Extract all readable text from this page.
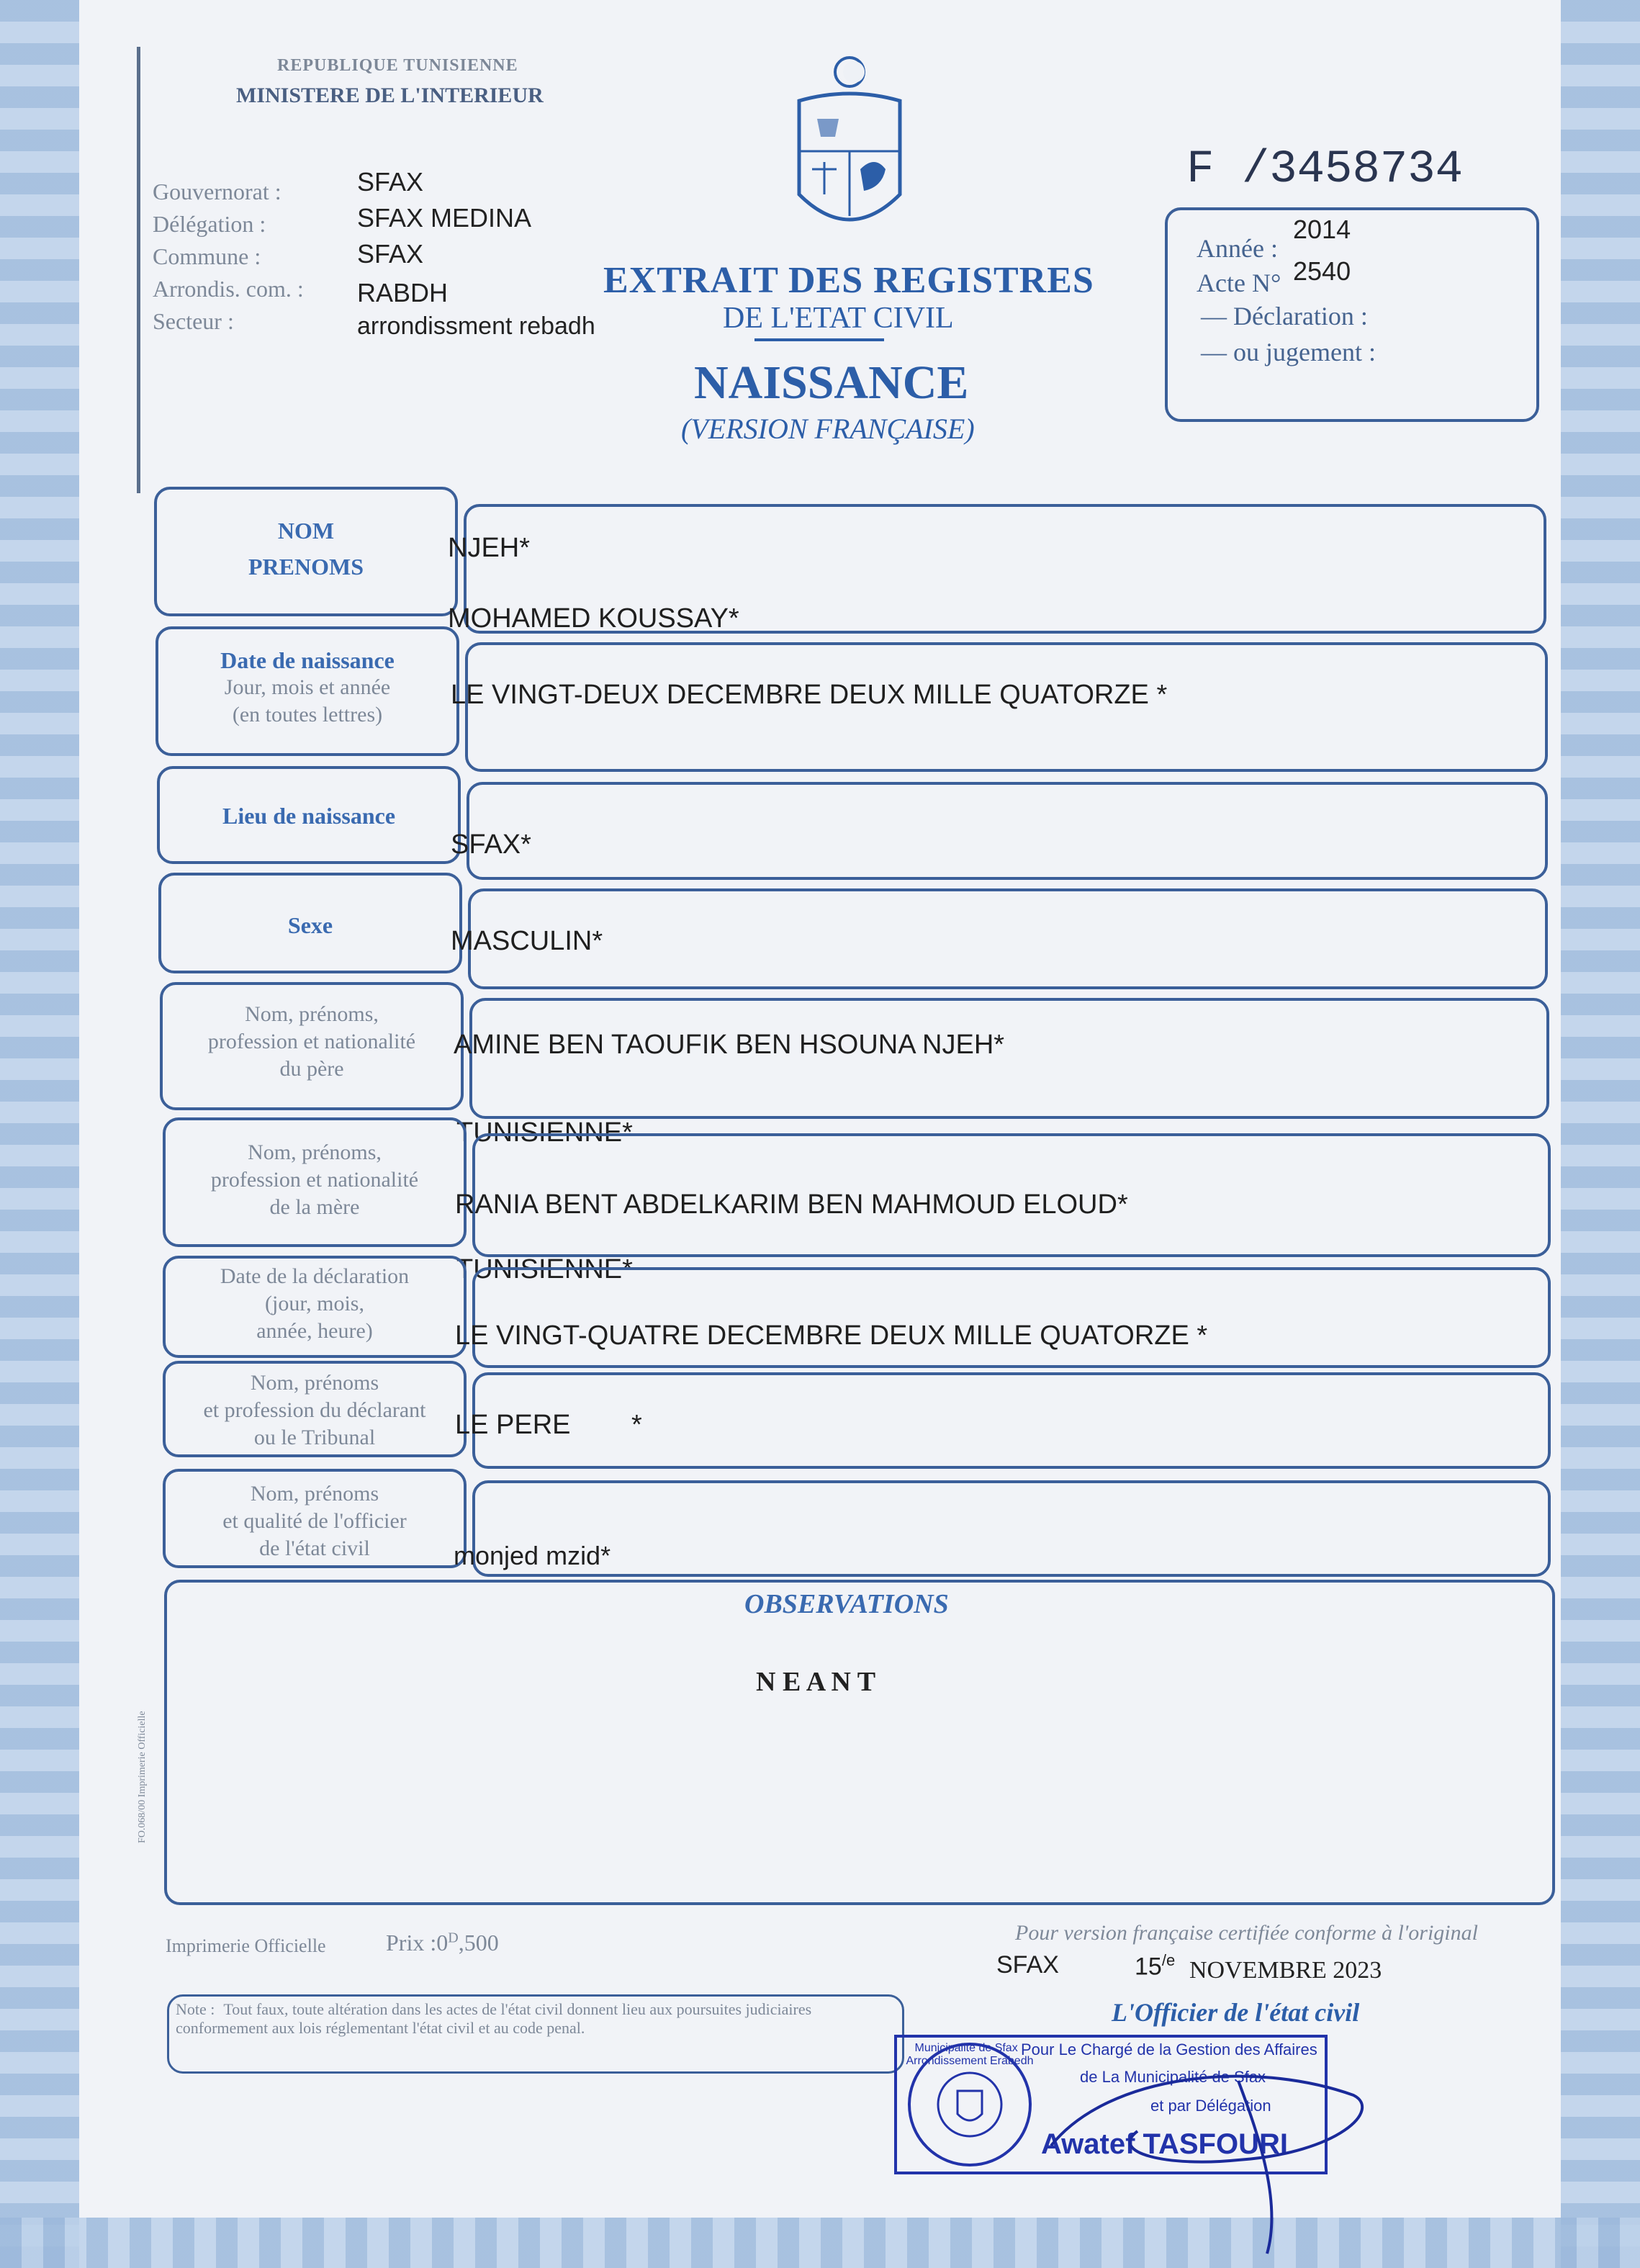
REPUBLIQUE TUNISIENNE
MINISTERE DE L'INTERIEUR
Gouvernorat :	SFAX
Délégation :	SFAX MEDINA
Commune :	SFAX
Arrondis. com. : RABDH
Secteur :	arrondissment rebadh
EXTRAIT DES REGISTRES
DE L'ETAT CIVIL
NAISSANCE
(VERSION FRANÇAISE)
F /3458734
Année :
2014
Acte N° 2540
— Déclaration :
— ou jugement :
NOM
PRENOMS
NJEH*
MOHAMED KOUSSAY*
Date de naissance
Jour, mois et année
(en toutes lettres)
LE VINGT-DEUX DECEMBRE DEUX MILLE QUATORZE *
Lieu de naissance
SFAX*
Sexe
MASCULIN*
Nom, prénoms,
profession et nationalité
du père
AMINE BEN TAOUFIK BEN HSOUNA NJEH*
TUNISIENNE*
Nom, prénoms,
profession et nationalité
de la mère	RANIA BENT ABDELKARIM BEN MAHMOUD ELOUD*
TUNISIENNE*
Date de la déclaration
(jour, mois,
année, heure)	LE VINGT-QUATRE DECEMBRE DEUX MILLE QUATORZE *
Nom, prénoms
et profession du déclarant
ou le Tribunal	LE PERE        *
Nom, prénoms
et qualité de l'officier
de l'état civil	monjed mzid*
OBSERVATIONS
N E A N T
FO.068/00 Imprimerie Officielle
Imprimerie Officielle	Prix $:0^D,500$	Pour version française certifiée conforme à l'original
SFAX	$15^{/e}$ NOVEMBRE 2023
L'Officier de l'état civil
Note : Tout faux, toute altération dans les actes de l'état civil donnent lieu aux poursuites judiciaires conformement aux lois réglementant l'état civil et au code penal.
Municipalité de Sfax · Arrondissement Erabedh
Pour Le Chargé de la Gestion des Affaires
de La Municipalité de Sfax
et par Délégation
Awatef TASFOURI
